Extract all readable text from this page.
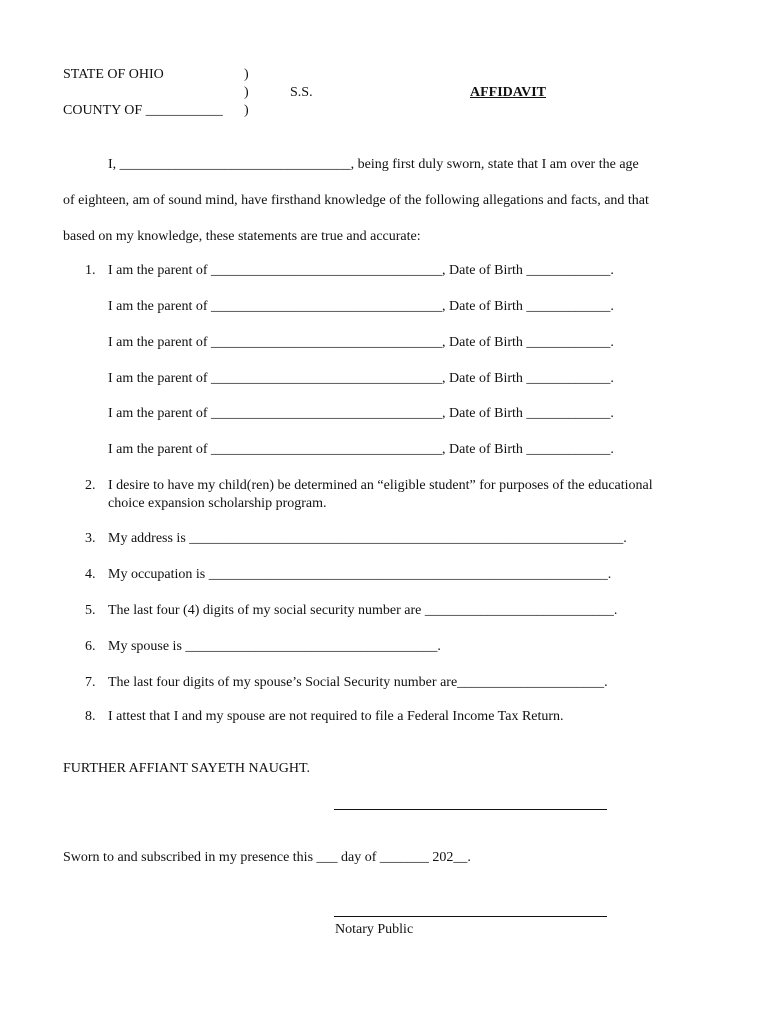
STATE OF OHIO	)
)	S.S.	AFFIDAVIT
COUNTY OF ___________ )
I, _________________________________, being first duly sworn, state that I am over the age
of eighteen, am of sound mind, have firsthand knowledge of the following allegations and facts, and that
based on my knowledge, these statements are true and accurate:
1. I am the parent of _________________________________, Date of Birth ____________.
I am the parent of _________________________________, Date of Birth ____________.
I am the parent of _________________________________, Date of Birth ____________.
I am the parent of _________________________________, Date of Birth ____________.
I am the parent of _________________________________, Date of Birth ____________.
I am the parent of _________________________________, Date of Birth ____________.
2. I desire to have my child(ren) be determined an “eligible student” for purposes of the educational
choice expansion scholarship program.
3. My address is ______________________________________________________________.
4. My occupation is _________________________________________________________.
5. The last four (4) digits of my social security number are ___________________________.
6. My spouse is ____________________________________.
7. The last four digits of my spouse’s Social Security number are_____________________.
8. I attest that I and my spouse are not required to file a Federal Income Tax Return.
FURTHER AFFIANT SAYETH NAUGHT.
Sworn to and subscribed in my presence this ___ day of _______ 202__.
Notary Public
